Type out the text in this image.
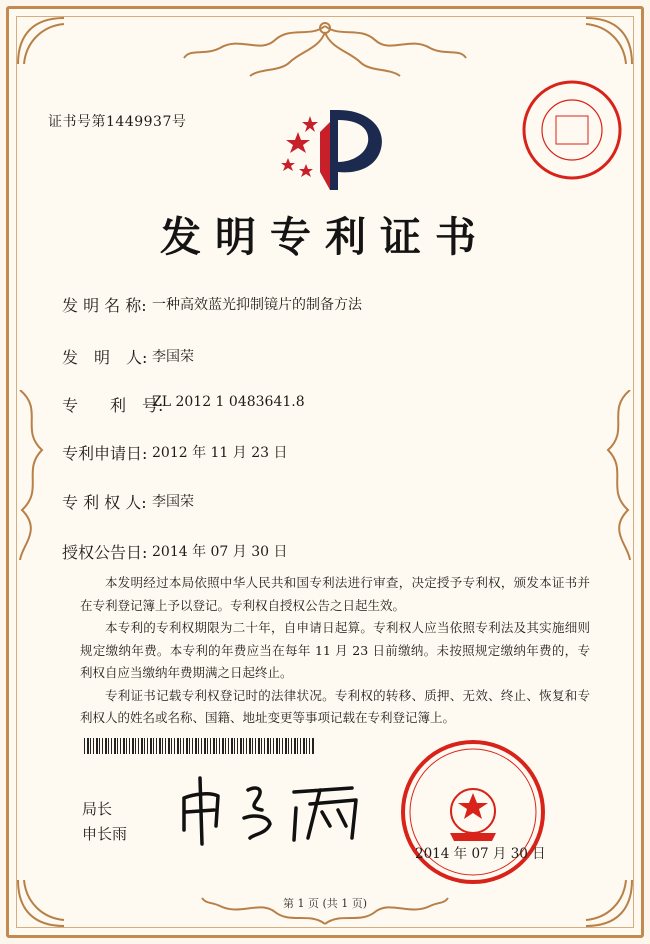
证书号第1449937号
发明专利证书
发 明 名 称: 一种高效蓝光抑制镜片的制备方法
发　明　人: 李国荣
专　　利　号:
ZL 2012 1 0483641.8
专利申请日: 2012 年 11 月 23 日
专 利 权 人: 李国荣
授权公告日: 2014 年 07 月 30 日

本发明经过本局依照中华人民共和国专利法进行审查，决定授予专利权，颁发本证书并在专利登记簿上予以登记。专利权自授权公告之日起生效。

本专利的专利权期限为二十年，自申请日起算。专利权人应当依照专利法及其实施细则规定缴纳年费。本专利的年费应当在每年 11 月 23 日前缴纳。未按照规定缴纳年费的，专利权自应当缴纳年费期满之日起终止。

专利证书记载专利权登记时的法律状况。专利权的转移、质押、无效、终止、恢复和专利权人的姓名或名称、国籍、地址变更等事项记载在专利登记簿上。

局长
申长雨
2014 年 07 月 30 日
第 1 页 (共 1 页)
